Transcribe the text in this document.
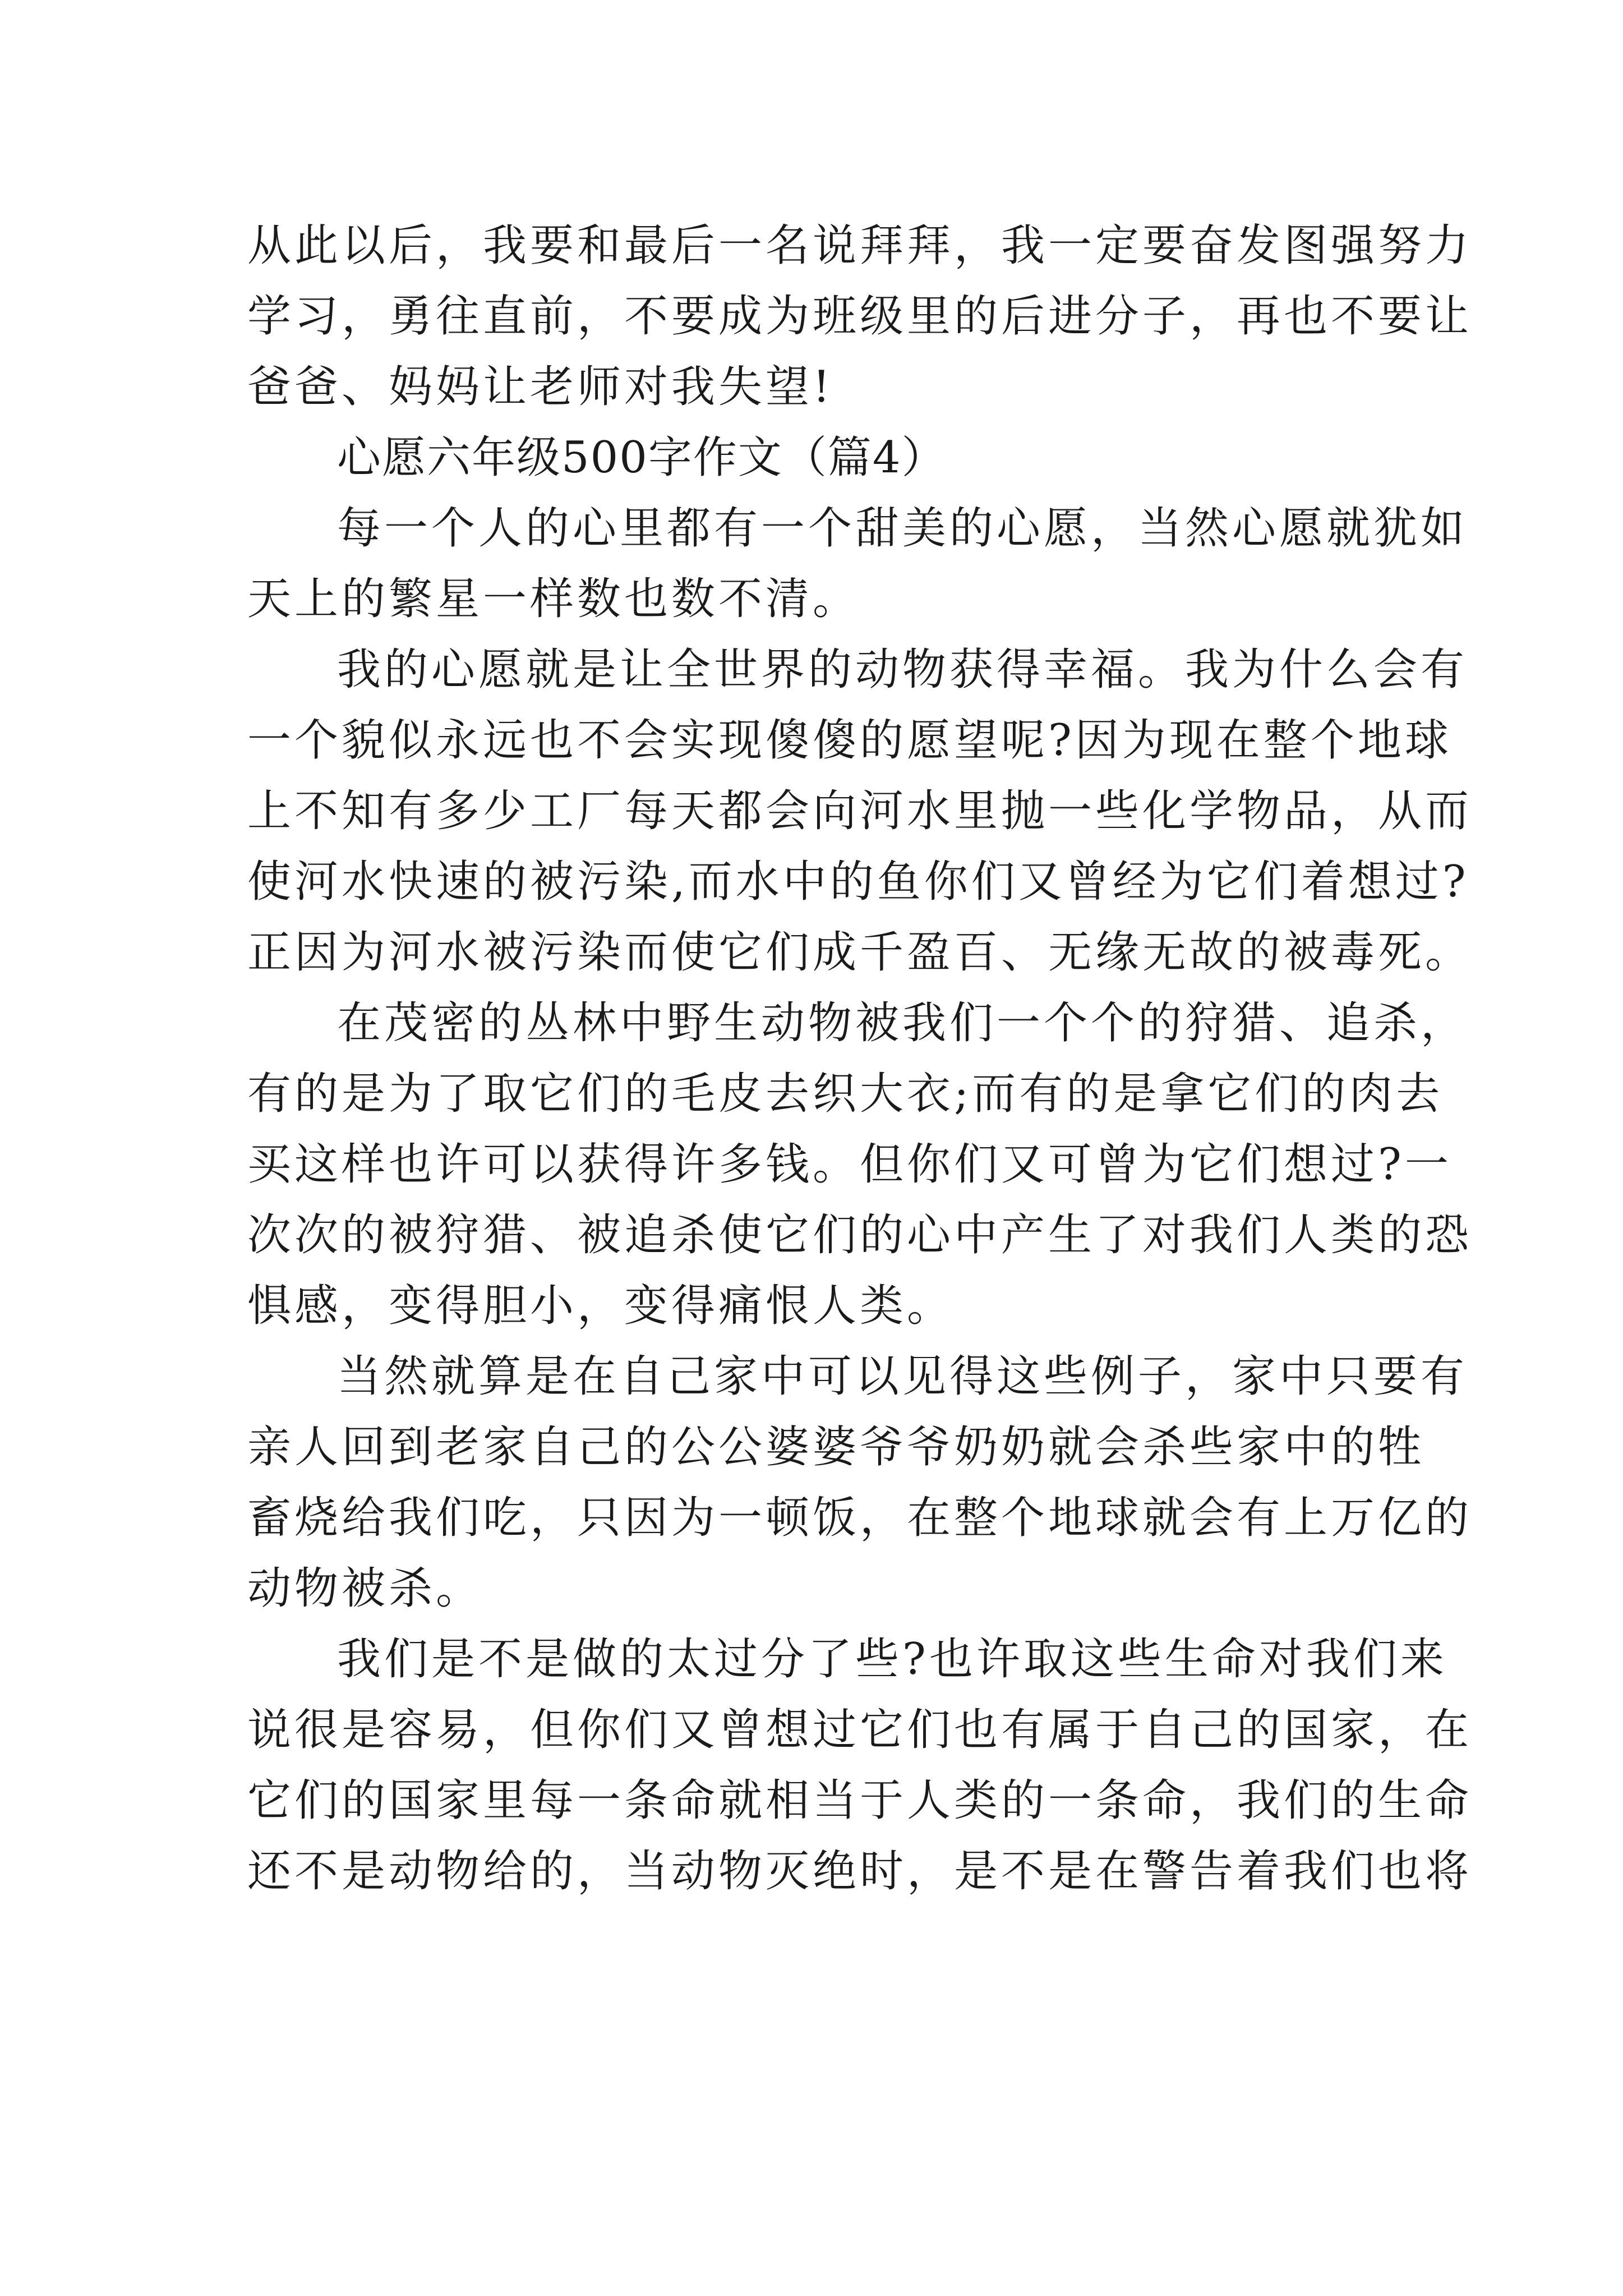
从此以后，我要和最后一名说拜拜，我一定要奋发图强努力
学习，勇往直前，不要成为班级里的后进分子，再也不要让
爸爸、妈妈让老师对我失望!
心愿六年级500字作文（篇4）
每一个人的心里都有一个甜美的心愿，当然心愿就犹如
天上的繁星一样数也数不清。
我的心愿就是让全世界的动物获得幸福。我为什么会有
一个貌似永远也不会实现傻傻的愿望呢?因为现在整个地球
上不知有多少工厂每天都会向河水里抛一些化学物品，从而
使河水快速的被污染,而水中的鱼你们又曾经为它们着想过?
正因为河水被污染而使它们成千盈百、无缘无故的被毒死。
在茂密的丛林中野生动物被我们一个个的狩猎、追杀，
有的是为了取它们的毛皮去织大衣;而有的是拿它们的肉去
买这样也许可以获得许多钱。但你们又可曾为它们想过?一
次次的被狩猎、被追杀使它们的心中产生了对我们人类的恐
惧感，变得胆小，变得痛恨人类。
当然就算是在自己家中可以见得这些例子，家中只要有
亲人回到老家自己的公公婆婆爷爷奶奶就会杀些家中的牲
畜烧给我们吃，只因为一顿饭，在整个地球就会有上万亿的
动物被杀。
我们是不是做的太过分了些?也许取这些生命对我们来
说很是容易，但你们又曾想过它们也有属于自己的国家，在
它们的国家里每一条命就相当于人类的一条命，我们的生命
还不是动物给的，当动物灭绝时，是不是在警告着我们也将
